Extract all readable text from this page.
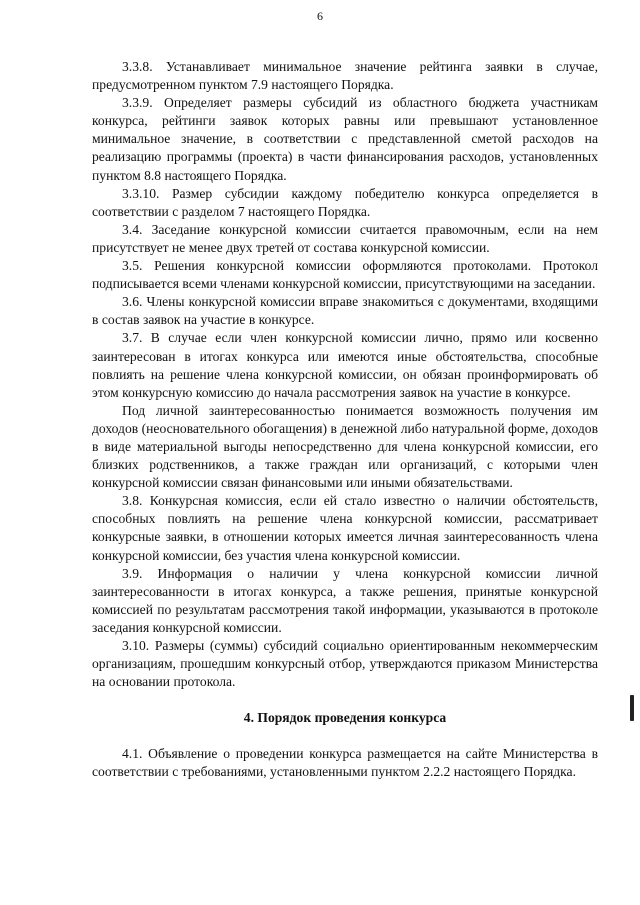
6

3.3.8. Устанавливает минимальное значение рейтинга заявки в случае, предусмотренном пунктом 7.9 настоящего Порядка.

3.3.9. Определяет размеры субсидий из областного бюджета участникам конкурса, рейтинги заявок которых равны или превышают установленное минимальное значение, в соответствии с представленной сметой расходов на реализацию программы (проекта) в части финансирования расходов, установленных пунктом 8.8 настоящего Порядка.

3.3.10. Размер субсидии каждому победителю конкурса определяется в соответствии с разделом 7 настоящего Порядка.

3.4. Заседание конкурсной комиссии считается правомочным, если на нем присутствует не менее двух третей от состава конкурсной комиссии.

3.5. Решения конкурсной комиссии оформляются протоколами. Протокол подписывается всеми членами конкурсной комиссии, присутствующими на заседании.

3.6. Члены конкурсной комиссии вправе знакомиться с документами, входящими в состав заявок на участие в конкурсе.

3.7. В случае если член конкурсной комиссии лично, прямо или косвенно заинтересован в итогах конкурса или имеются иные обстоятельства, способные повлиять на решение члена конкурсной комиссии, он обязан проинформировать об этом конкурсную комиссию до начала рассмотрения заявок на участие в конкурсе.

Под личной заинтересованностью понимается возможность получения им доходов (неосновательного обогащения) в денежной либо натуральной форме, доходов в виде материальной выгоды непосредственно для члена конкурсной комиссии, его близких родственников, а также граждан или организаций, с которыми член конкурсной комиссии связан финансовыми или иными обязательствами.

3.8. Конкурсная комиссия, если ей стало известно о наличии обстоятельств, способных повлиять на решение члена конкурсной комиссии, рассматривает конкурсные заявки, в отношении которых имеется личная заинтересованность члена конкурсной комиссии, без участия члена конкурсной комиссии.

3.9. Информация о наличии у члена конкурсной комиссии личной заинтересованности в итогах конкурса, а также решения, принятые конкурсной комиссией по результатам рассмотрения такой информации, указываются в протоколе заседания конкурсной комиссии.

3.10. Размеры (суммы) субсидий социально ориентированным некоммерческим организациям, прошедшим конкурсный отбор, утверждаются приказом Министерства на основании протокола.

4. Порядок проведения конкурса

4.1. Объявление о проведении конкурса размещается на сайте Министерства в соответствии с требованиями, установленными пунктом 2.2.2 настоящего Порядка.
